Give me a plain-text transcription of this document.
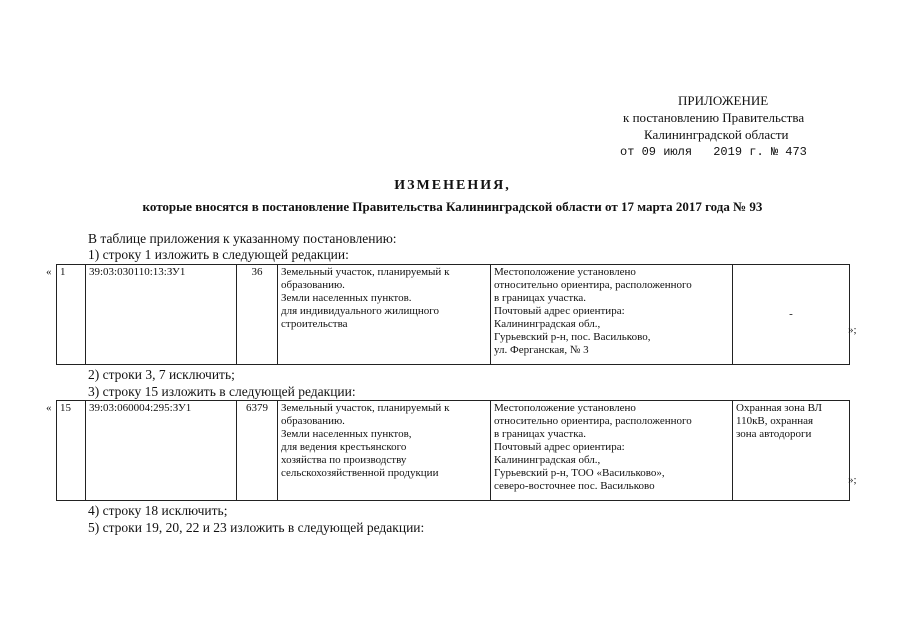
ПРИЛОЖЕНИЕ
к постановлению Правительства
Калининградской области
от 09 июля 2019 г. № 473
ИЗМЕНЕНИЯ,
которые вносятся в постановление Правительства Калининградской области от 17 марта 2017 года № 93
В таблице приложения к указанному постановлению:
1) строку 1 изложить в следующей редакции:
« 1	39:03:030110:13:ЗУ1	36	Земельный участок, планируемый к
образованию.
Земли населенных пунктов.
для индивидуального жилищного
строительства	Местоположение установлено
относительно ориентира, расположенного
в границах участка.
Почтовый адрес ориентира:
Калининградская обл.,
Гурьевский р-н, пос. Васильково,
ул. Ферганская, № 3	-
»;
2) строки 3, 7 исключить;
3) строку 15 изложить в следующей редакции:
« 15	39:03:060004:295:ЗУ1	6379	Земельный участок, планируемый к
образованию.
Земли населенных пунктов,
для ведения крестьянского
хозяйства по производству
сельскохозяйственной продукции	Местоположение установлено
относительно ориентира, расположенного
в границах участка.
Почтовый адрес ориентира:
Калининградская обл.,
Гурьевский р-н, ТОО «Васильково»,
северо-восточнее пос. Васильково	Охранная зона ВЛ
110кВ, охранная
зона автодороги
»;
4) строку 18 исключить;
5) строки 19, 20, 22 и 23 изложить в следующей редакции:
